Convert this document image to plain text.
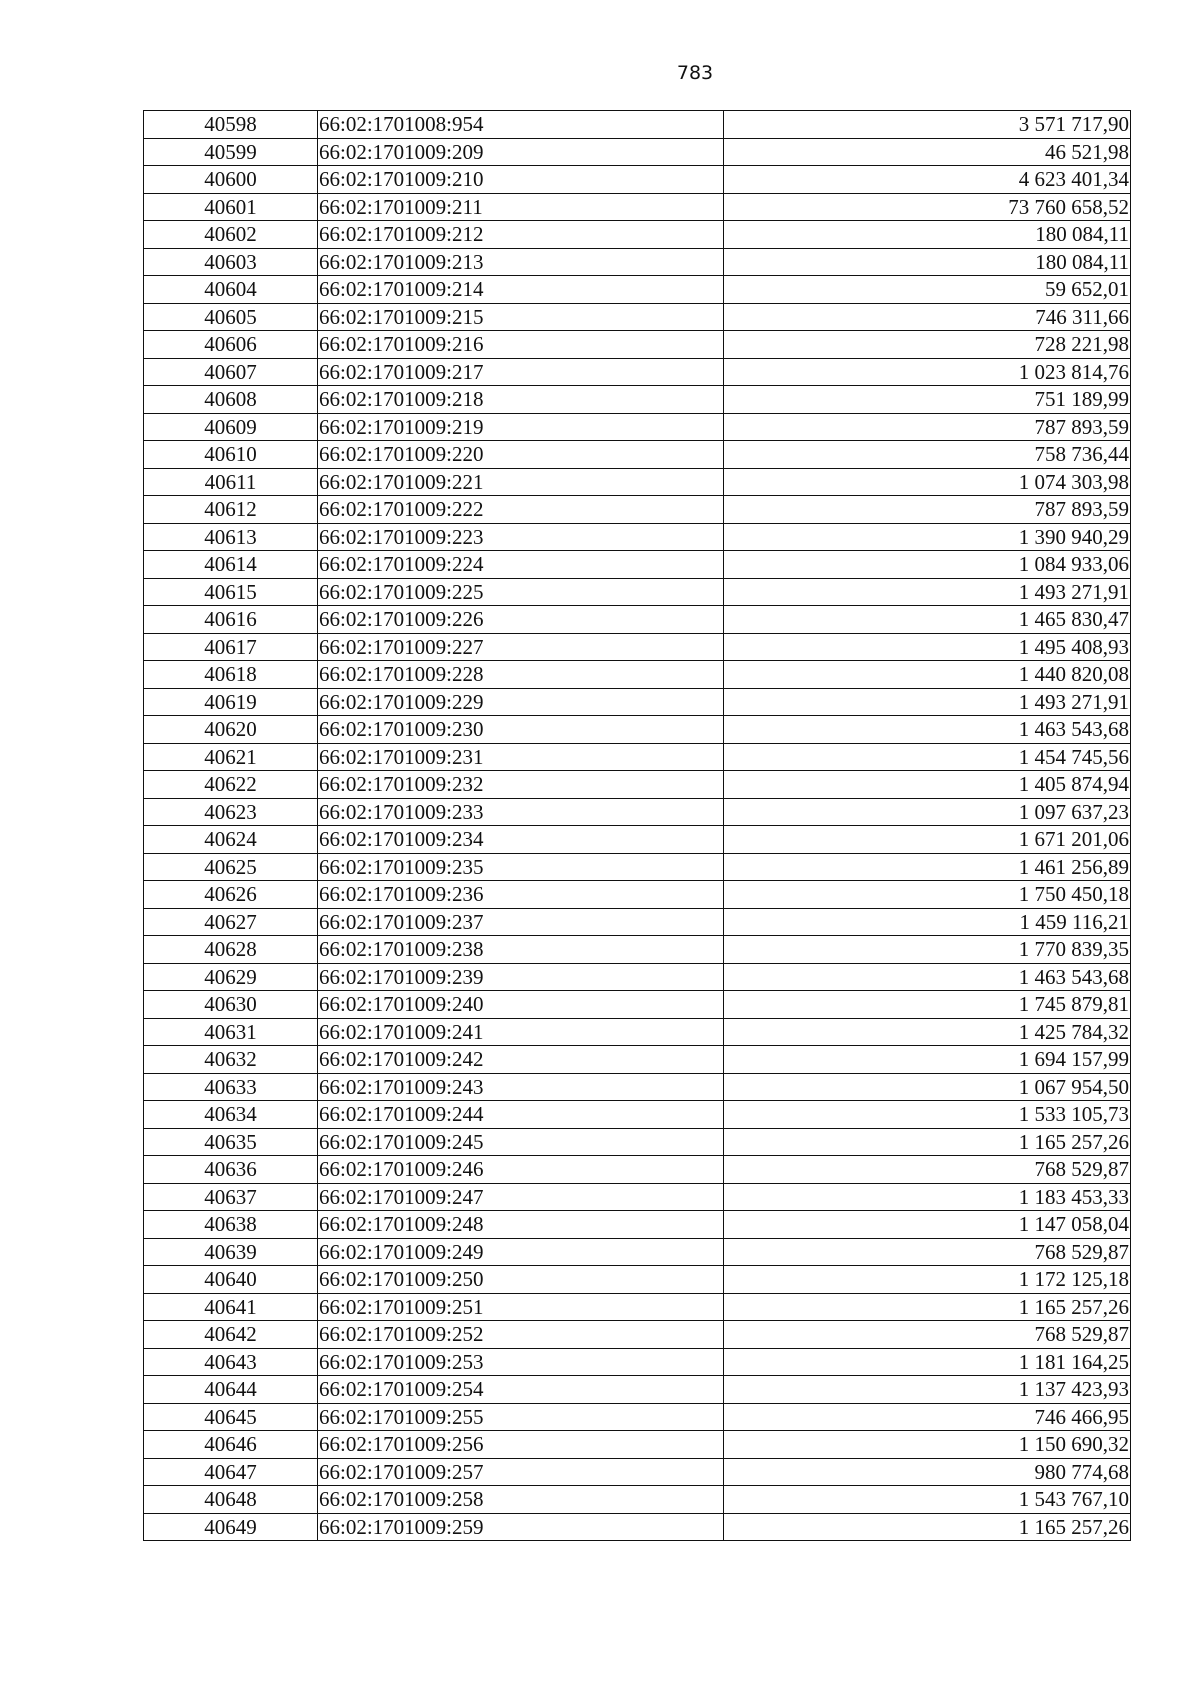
783
40598	66:02:1701008:954	3 571 717,90
40599	66:02:1701009:209	46 521,98
40600	66:02:1701009:210	4 623 401,34
40601	66:02:1701009:211	73 760 658,52
40602	66:02:1701009:212	180 084,11
40603	66:02:1701009:213	180 084,11
40604	66:02:1701009:214	59 652,01
40605	66:02:1701009:215	746 311,66
40606	66:02:1701009:216	728 221,98
40607	66:02:1701009:217	1 023 814,76
40608	66:02:1701009:218	751 189,99
40609	66:02:1701009:219	787 893,59
40610	66:02:1701009:220	758 736,44
40611	66:02:1701009:221	1 074 303,98
40612	66:02:1701009:222	787 893,59
40613	66:02:1701009:223	1 390 940,29
40614	66:02:1701009:224	1 084 933,06
40615	66:02:1701009:225	1 493 271,91
40616	66:02:1701009:226	1 465 830,47
40617	66:02:1701009:227	1 495 408,93
40618	66:02:1701009:228	1 440 820,08
40619	66:02:1701009:229	1 493 271,91
40620	66:02:1701009:230	1 463 543,68
40621	66:02:1701009:231	1 454 745,56
40622	66:02:1701009:232	1 405 874,94
40623	66:02:1701009:233	1 097 637,23
40624	66:02:1701009:234	1 671 201,06
40625	66:02:1701009:235	1 461 256,89
40626	66:02:1701009:236	1 750 450,18
40627	66:02:1701009:237	1 459 116,21
40628	66:02:1701009:238	1 770 839,35
40629	66:02:1701009:239	1 463 543,68
40630	66:02:1701009:240	1 745 879,81
40631	66:02:1701009:241	1 425 784,32
40632	66:02:1701009:242	1 694 157,99
40633	66:02:1701009:243	1 067 954,50
40634	66:02:1701009:244	1 533 105,73
40635	66:02:1701009:245	1 165 257,26
40636	66:02:1701009:246	768 529,87
40637	66:02:1701009:247	1 183 453,33
40638	66:02:1701009:248	1 147 058,04
40639	66:02:1701009:249	768 529,87
40640	66:02:1701009:250	1 172 125,18
40641	66:02:1701009:251	1 165 257,26
40642	66:02:1701009:252	768 529,87
40643	66:02:1701009:253	1 181 164,25
40644	66:02:1701009:254	1 137 423,93
40645	66:02:1701009:255	746 466,95
40646	66:02:1701009:256	1 150 690,32
40647	66:02:1701009:257	980 774,68
40648	66:02:1701009:258	1 543 767,10
40649	66:02:1701009:259	1 165 257,26
